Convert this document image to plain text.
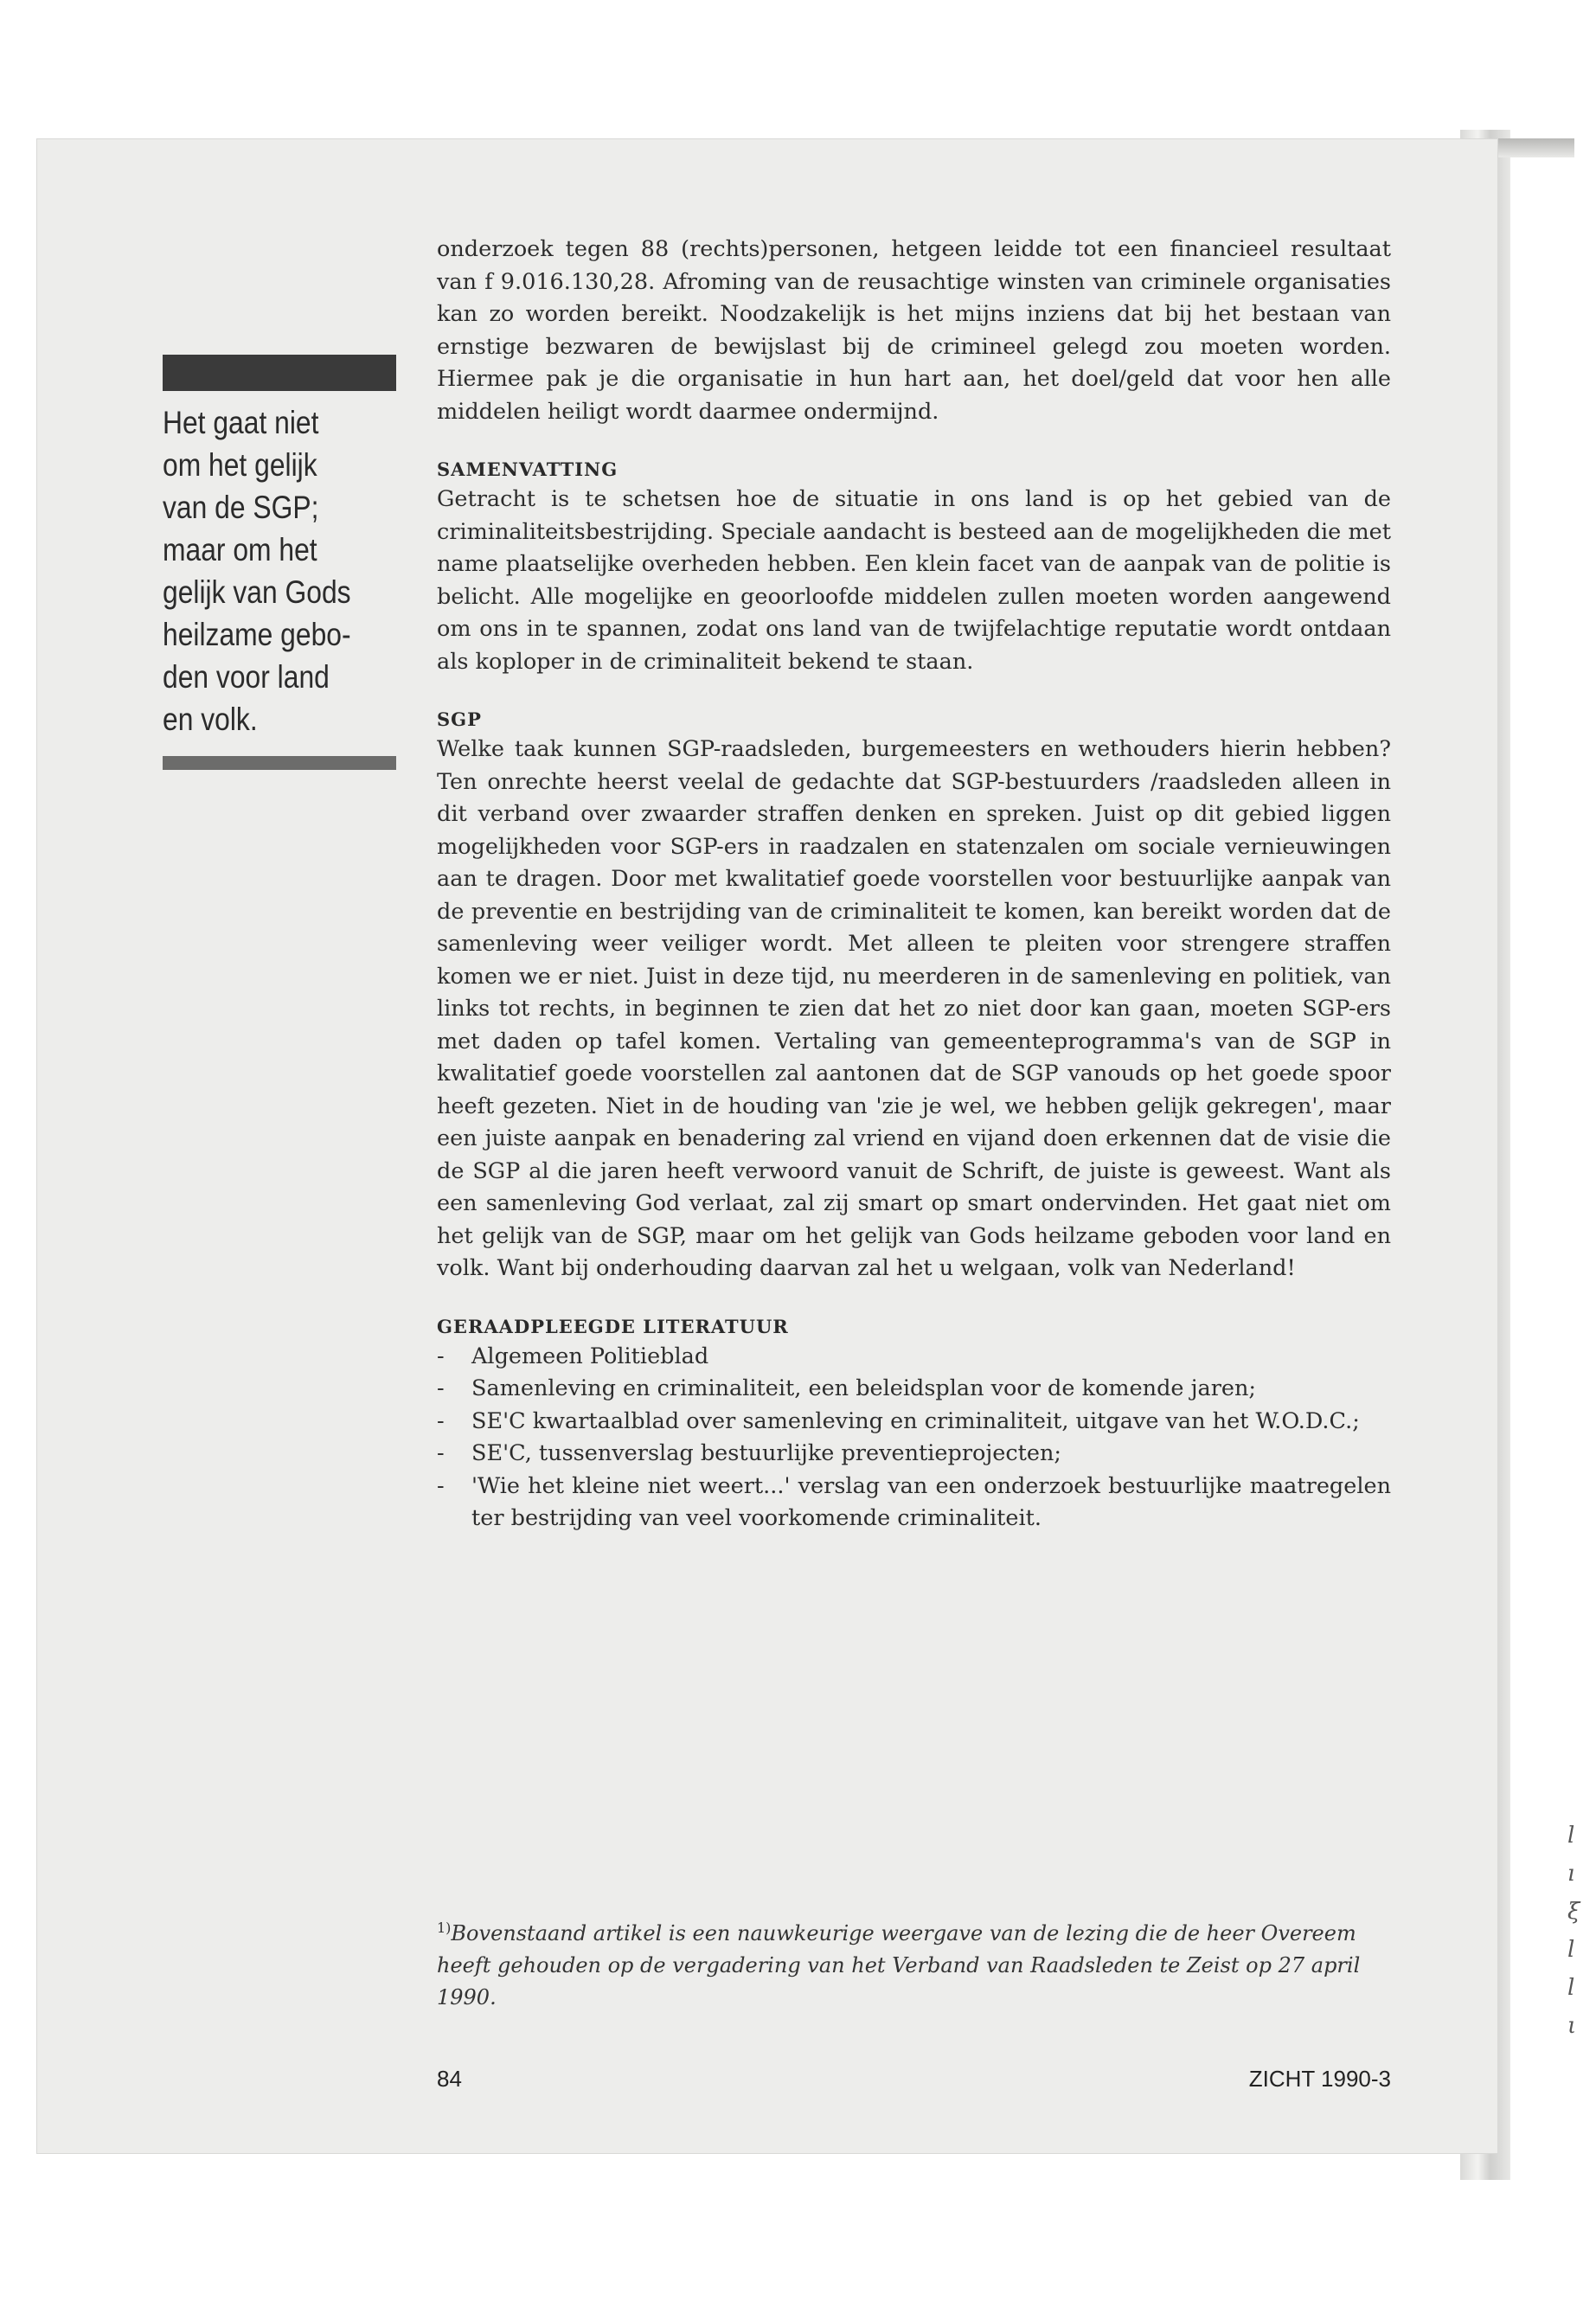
l
ı
ξ
l
l
ι
Het gaat niet
om het gelijk
van de SGP;
maar om het
gelijk van Gods
heilzame gebo-
den voor land
en volk.

onderzoek tegen 88 (rechts)personen, hetgeen leidde tot een financieel resultaat van f 9.016.130,28. Afroming van de reusachtige winsten van criminele organisaties kan zo worden bereikt. Noodzakelijk is het mijns inziens dat bij het bestaan van ernstige bezwaren de bewijslast bij de crimineel gelegd zou moeten worden. Hiermee pak je die organisatie in hun hart aan, het doel/geld dat voor hen alle middelen heiligt wordt daarmee ondermijnd.

SAMENVATTING

Getracht is te schetsen hoe de situatie in ons land is op het gebied van de criminaliteitsbestrijding. Speciale aandacht is besteed aan de mogelijkheden die met name plaatselijke overheden hebben. Een klein facet van de aanpak van de politie is belicht. Alle mogelijke en geoorloofde middelen zullen moeten worden aangewend om ons in te spannen, zodat ons land van de twijfelachtige reputatie wordt ontdaan als koploper in de criminaliteit bekend te staan.

SGP

Welke taak kunnen SGP-raadsleden, burgemeesters en wethouders hierin hebben? Ten onrechte heerst veelal de gedachte dat SGP-bestuurders /raadsleden alleen in dit verband over zwaarder straffen denken en spreken. Juist op dit gebied liggen mogelijkheden voor SGP-ers in raadzalen en statenzalen om sociale vernieuwingen aan te dragen. Door met kwalitatief goede voorstellen voor bestuurlijke aanpak van de preventie en bestrijding van de criminaliteit te komen, kan bereikt worden dat de samenleving weer veiliger wordt. Met alleen te pleiten voor strengere straffen komen we er niet. Juist in deze tijd, nu meerderen in de samenleving en politiek, van links tot rechts, in beginnen te zien dat het zo niet door kan gaan, moeten SGP-ers met daden op tafel komen. Vertaling van gemeenteprogramma's van de SGP in kwalitatief goede voorstellen zal aantonen dat de SGP vanouds op het goede spoor heeft gezeten. Niet in de houding van 'zie je wel, we hebben gelijk gekregen', maar een juiste aanpak en benadering zal vriend en vijand doen erkennen dat de visie die de SGP al die jaren heeft verwoord vanuit de Schrift, de juiste is geweest. Want als een samenleving God verlaat, zal zij smart op smart ondervinden. Het gaat niet om het gelijk van de SGP, maar om het gelijk van Gods heilzame geboden voor land en volk. Want bij onderhouding daarvan zal het u welgaan, volk van Nederland!

GERAADPLEEGDE LITERATUUR
- Algemeen Politieblad
- Samenleving en criminaliteit, een beleidsplan voor de komende jaren;
- SE'C kwartaalblad over samenleving en criminaliteit, uitgave van het W.O.D.C.;
- SE'C, tussenverslag bestuurlijke preventieprojecten;
- 'Wie het kleine niet weert...' verslag van een onderzoek bestuurlijke maatregelen ter bestrijding van veel voorkomende criminaliteit.
$^{1)}$Bovenstaand artikel is een nauwkeurige weergave van de lezing die de heer Overeem heeft gehouden op de vergadering van het Verband van Raadsleden te Zeist op 27 april 1990.
84	ZICHT 1990-3
